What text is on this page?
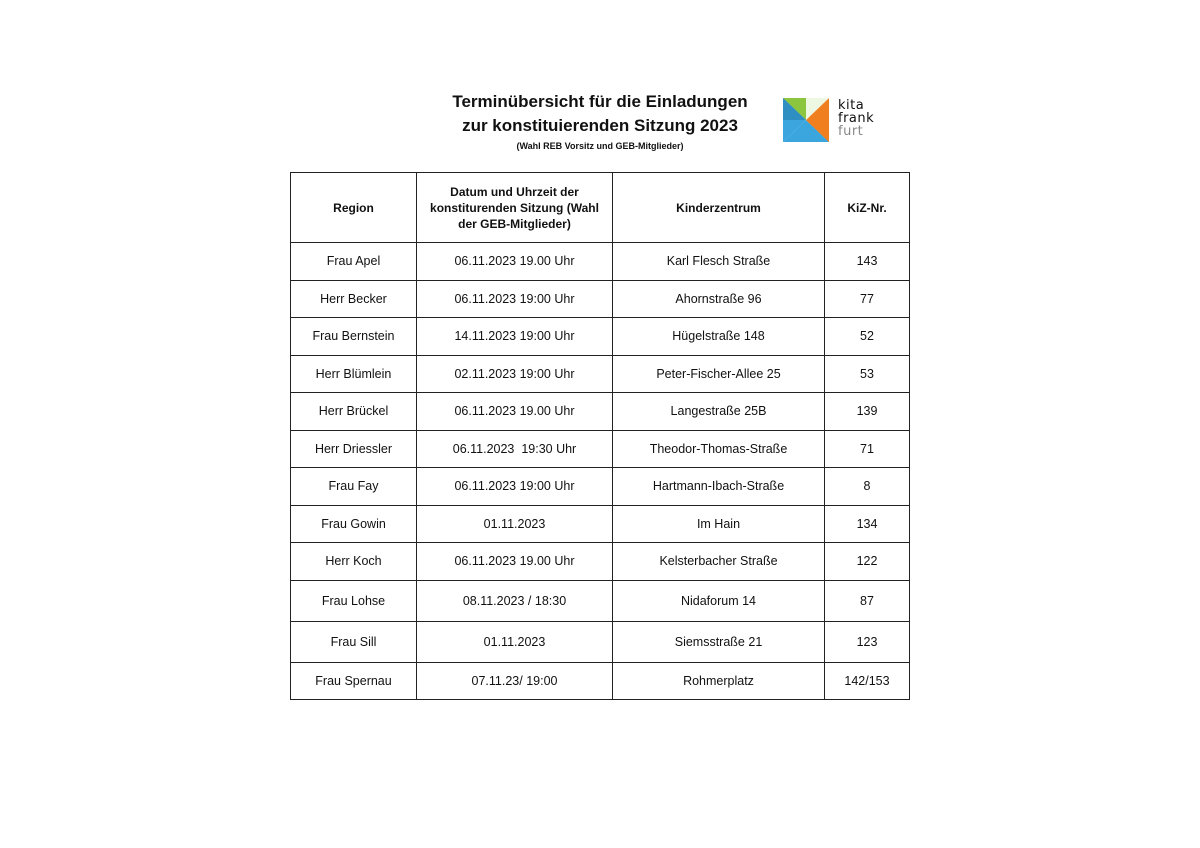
Terminübersicht für die Einladungen
zur konstituierenden Sitzung 2023
(Wahl REB Vorsitz und GEB-Mitglieder)
kita
frank
furt
Region	Datum und Uhrzeit der konstiturenden Sitzung (Wahl der GEB-Mitglieder)	Kinderzentrum	KiZ-Nr.
Frau Apel	06.11.2023 19.00 Uhr	Karl Flesch Straße	143
Herr Becker	06.11.2023 19:00 Uhr	Ahornstraße 96	77
Frau Bernstein	14.11.2023 19:00 Uhr	Hügelstraße 148	52
Herr Blümlein	02.11.2023 19:00 Uhr	Peter-Fischer-Allee 25	53
Herr Brückel	06.11.2023 19.00 Uhr	Langestraße 25B	139
Herr Driessler	06.11.2023  19:30 Uhr	Theodor-Thomas-Straße	71
Frau Fay	06.11.2023 19:00 Uhr	Hartmann-Ibach-Straße	8
Frau Gowin	01.11.2023	Im Hain	134
Herr Koch	06.11.2023 19.00 Uhr	Kelsterbacher Straße	122
Frau Lohse	08.11.2023 / 18:30	Nidaforum 14	87
Frau Sill	01.11.2023	Siemsstraße 21	123
Frau Spernau	07.11.23/ 19:00	Rohmerplatz	142/153
